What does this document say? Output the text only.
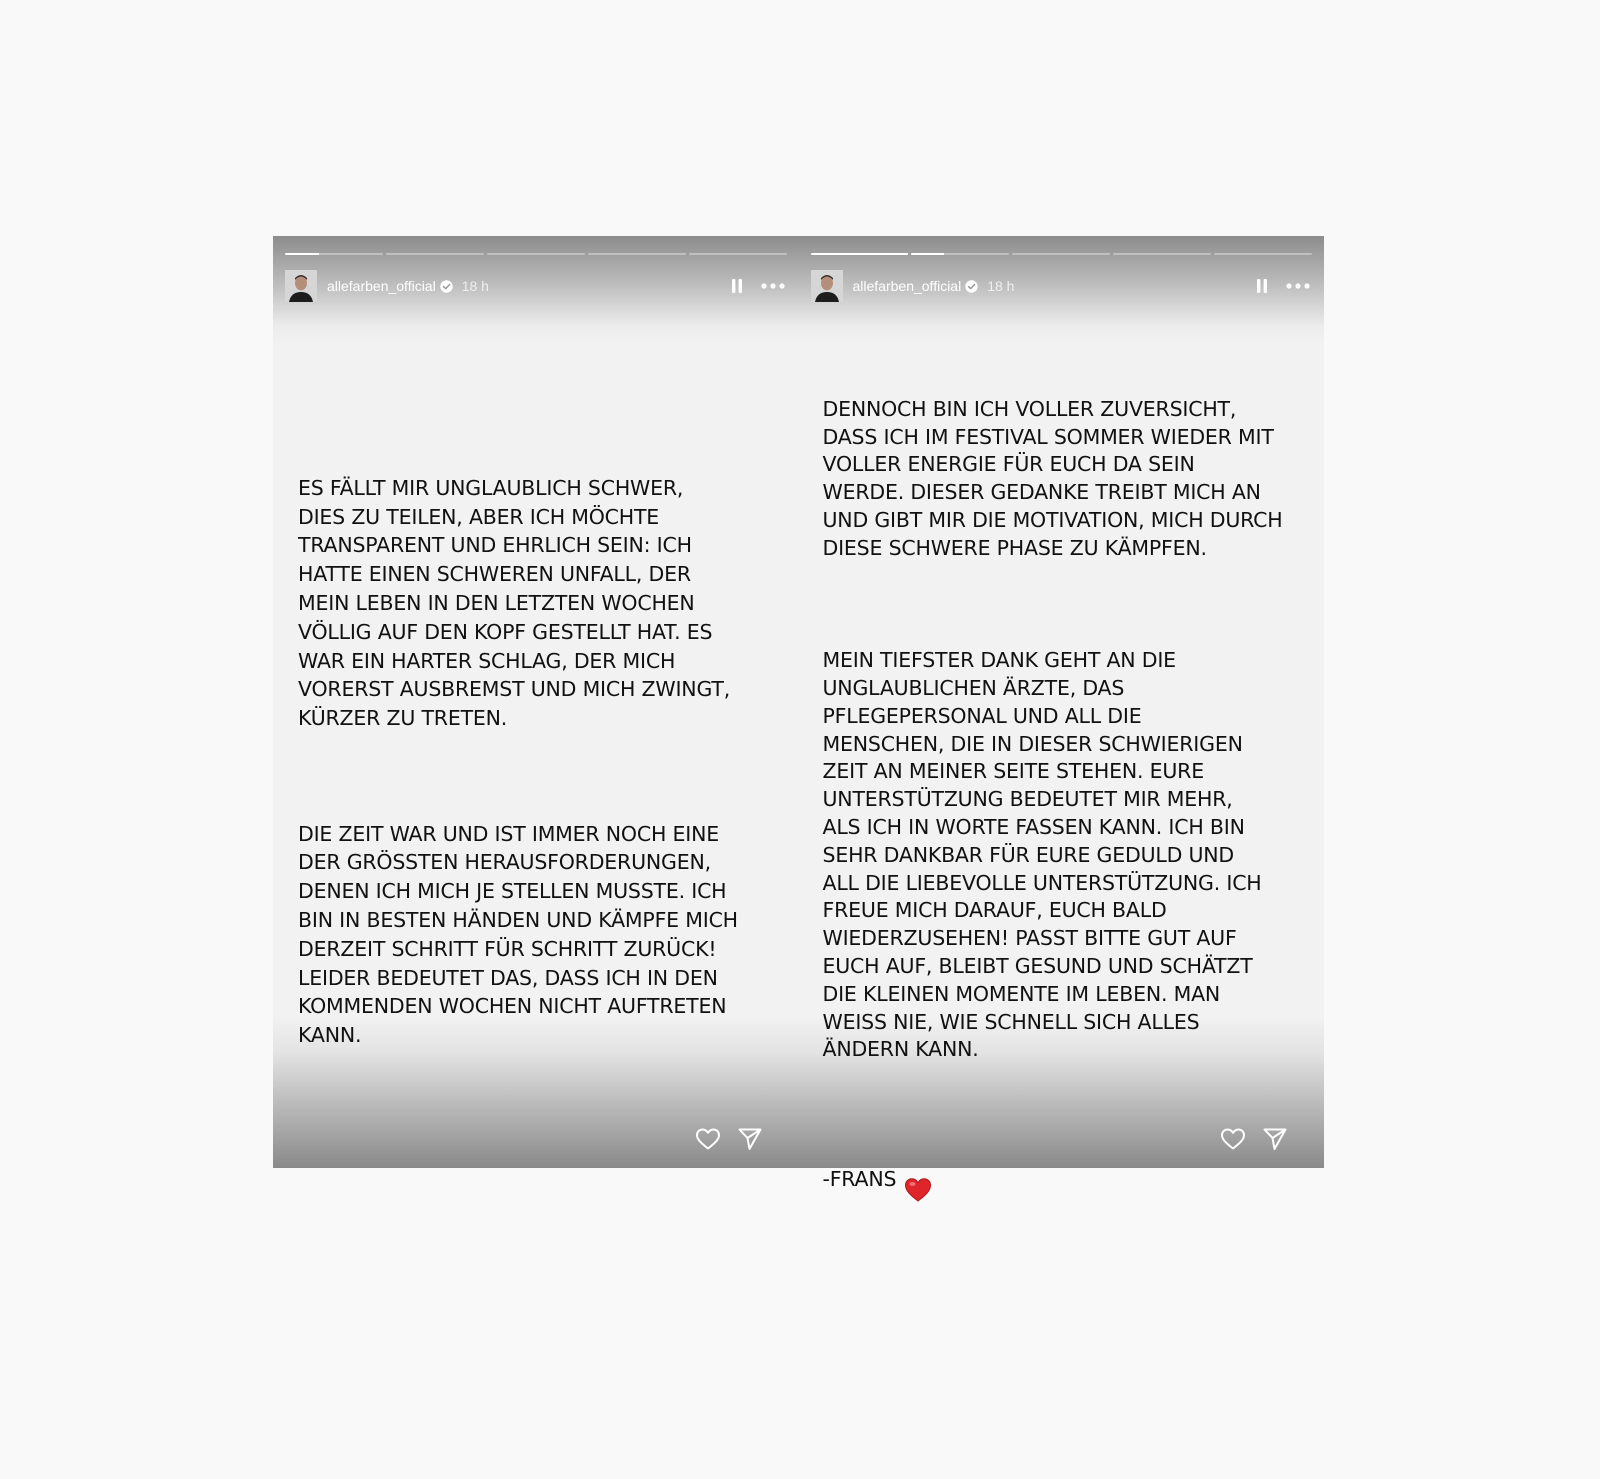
allefarben_official 18 h

ES FÄLLT MIR UNGLAUBLICH SCHWER,
DIES ZU TEILEN, ABER ICH MÖCHTE
TRANSPARENT UND EHRLICH SEIN: ICH
HATTE EINEN SCHWEREN UNFALL, DER
MEIN LEBEN IN DEN LETZTEN WOCHEN
VÖLLIG AUF DEN KOPF GESTELLT HAT. ES
WAR EIN HARTER SCHLAG, DER MICH
VORERST AUSBREMST UND MICH ZWINGT,
KÜRZER ZU TRETEN.

DIE ZEIT WAR UND IST IMMER NOCH EINE
DER GRÖSSTEN HERAUSFORDERUNGEN,
DENEN ICH MICH JE STELLEN MUSSTE. ICH
BIN IN BESTEN HÄNDEN UND KÄMPFE MICH
DERZEIT SCHRITT FÜR SCHRITT ZURÜCK!
LEIDER BEDEUTET DAS, DASS ICH IN DEN
KOMMENDEN WOCHEN NICHT AUFTRETEN
KANN.

allefarben_official 18 h

DENNOCH BIN ICH VOLLER ZUVERSICHT,
DASS ICH IM FESTIVAL SOMMER WIEDER MIT
VOLLER ENERGIE FÜR EUCH DA SEIN
WERDE. DIESER GEDANKE TREIBT MICH AN
UND GIBT MIR DIE MOTIVATION, MICH DURCH
DIESE SCHWERE PHASE ZU KÄMPFEN.

MEIN TIEFSTER DANK GEHT AN DIE
UNGLAUBLICHEN ÄRZTE, DAS
PFLEGEPERSONAL UND ALL DIE
MENSCHEN, DIE IN DIESER SCHWIERIGEN
ZEIT AN MEINER SEITE STEHEN. EURE
UNTERSTÜTZUNG BEDEUTET MIR MEHR,
ALS ICH IN WORTE FASSEN KANN. ICH BIN
SEHR DANKBAR FÜR EURE GEDULD UND
ALL DIE LIEBEVOLLE UNTERSTÜTZUNG. ICH
FREUE MICH DARAUF, EUCH BALD
WIEDERZUSEHEN! PASST BITTE GUT AUF
EUCH AUF, BLEIBT GESUND UND SCHÄTZT
DIE KLEINEN MOMENTE IM LEBEN. MAN
WEISS NIE, WIE SCHNELL SICH ALLES
ÄNDERN KANN.

-FRANS
